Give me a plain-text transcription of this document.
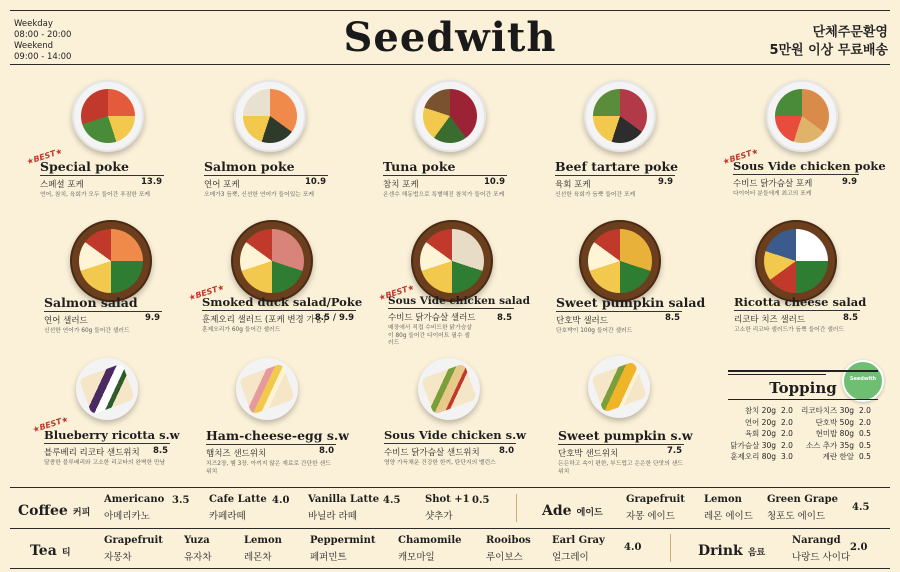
Weekday
08:00 - 20:00
Weekend
09:00 - 14:00	Seedwith	단체주문환영
5만원 이상 무료배송
★BEST★	★BEST★
Special poke
스페셜 포케	13.9
연어, 참치, 육회가 모두 들어간 푸짐한 포케
Salmon poke
연어 포케	10.9
오메가3 듬뿍, 신선한 연어가 들어있는 포케
Tuna poke
참치 포케	10.9
온센수 해동법으로 특별해진 참치가 들어간 포케
Beef tartare poke
육회 포케	9.9
신선한 육회가 듬뿍 들어간 포케
Sous Vide chicken poke
수비드 닭가슴살 포케	9.9
다이어터 분들에게 최고의 포케
★BEST★	★BEST★
Salmon salad
연어 샐러드	9.9
신선한 연어가 60g 들어간 샐러드
Smoked duck salad/Poke
훈제오리 샐러드 (포케 변경 가능)
8.5 / 9.9
훈제오리가 60g 들어간 샐러드
Sous Vide chicken salad
수비드 닭가슴살 샐러드	8.5
매장에서 직접 수비드한 닭가슴살이 80g 들어간 다이어트 필수 샐러드
Sweet pumpkin salad
단호박 샐러드	8.5
단호박이 100g 들어간 샐러드
Ricotta cheese salad
리코타 치즈 샐러드	8.5
고소한 리코타 샐러드가 듬뿍 들어간 샐러드
★BEST★
Blueberry ricotta s.w
블루베리 리코타 샌드위치	8.5
달콤한 블루베리와 고소한 리코타의 완벽한 만남
Ham-cheese-egg s.w
햄치즈 샌드위치	8.0
치즈2장, 햄 3장. 아끼지 않은 재료로 간단한 샌드위치
Sous Vide chicken s.w
수비드 닭가슴살 샌드위치	8.0
영양 가득채운 건강한 한끼, 탄단지의 밸런스
Sweet pumpkin s.w
단호박 샌드위치	7.5
든든하고 속이 편한, 부드럽고 은은한 단맛의 샌드위치
Seedwith
Topping
참치 20g 2.0	리코타치즈 30g 2.0
연어 20g 2.0	단호박 50g 2.0
육회 20g 2.0	현미밥 80g 0.5
닭가슴살 30g 2.0	소스 추가 35g 0.5
훈제오리 80g 3.0	계란 한알 0.5
Coffee 커피
Americano
아메리카노
3.5 Cafe Latte
카페라떼
4.0 Vanilla Latte
바닐라 라떼
4.5 Shot +1
샷추가
0.5
Ade 에이드
Grapefruit
자몽 에이드
Lemon
레몬 에이드
Green Grape
청포도 에이드
4.5
Tea 티
Grapefruit
자몽차
Yuza
유자차
Lemon
레몬차
Peppermint
페퍼민트
Chamomile
캐모마일
Rooibos
루이보스
Earl Gray
얼그레이
4.0	Drink 음료
Narangd
나랑드 사이다
2.0
